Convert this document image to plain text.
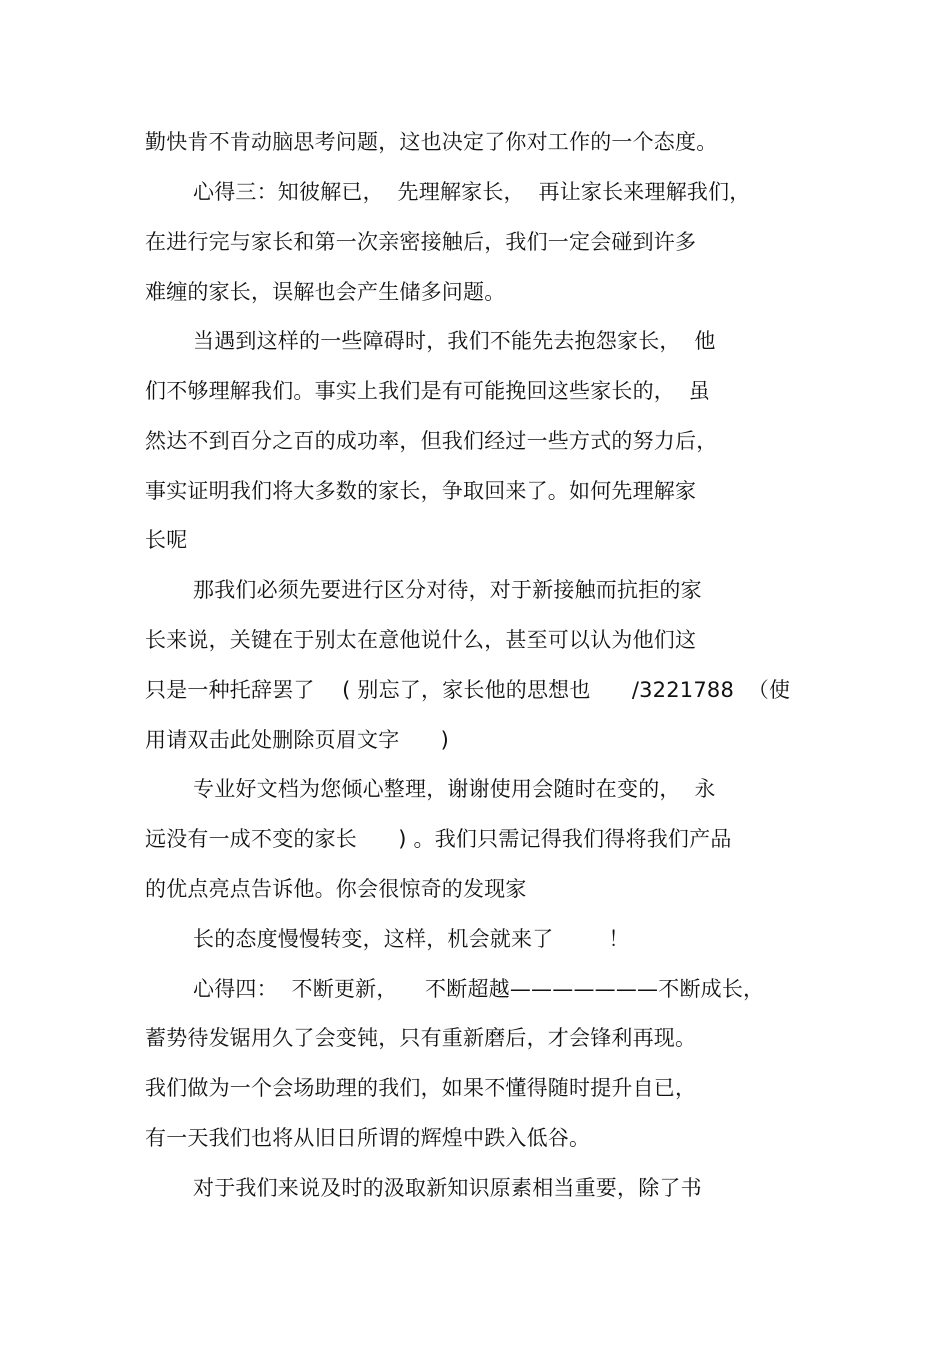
勤快肯不肯动脑思考问题，这也决定了你对工作的一个态度。
心得三：知彼解已，  先理解家长，  再让家长来理解我们，
在进行完与家长和第一次亲密接触后，我们一定会碰到许多
难缠的家长，误解也会产生储多问题。
当遇到这样的一些障碍时，我们不能先去抱怨家长，  他
们不够理解我们。事实上我们是有可能挽回这些家长的，  虽
然达不到百分之百的成功率，但我们经过一些方式的努力后，
事实证明我们将大多数的家长，争取回来了。如何先理解家
长呢
那我们必须先要进行区分对待，对于新接触而抗拒的家
长来说，关键在于别太在意他说什么，甚至可以认为他们这
只是一种托辞罢了    ( 别忘了，家长他的思想也      /3221788  （使
用请双击此处删除页眉文字      )
专业好文档为您倾心整理，谢谢使用会随时在变的，  永
远没有一成不变的家长      ) 。我们只需记得我们得将我们产品
的优点亮点告诉他。你会很惊奇的发现家
长的态度慢慢转变，这样，机会就来了        ！
心得四：  不断更新，    不断超越———————不断成长，
蓄势待发锯用久了会变钝，只有重新磨后，才会锋利再现。
我们做为一个会场助理的我们，如果不懂得随时提升自已，
有一天我们也将从旧日所谓的辉煌中跌入低谷。
对于我们来说及时的汲取新知识原素相当重要，除了书
